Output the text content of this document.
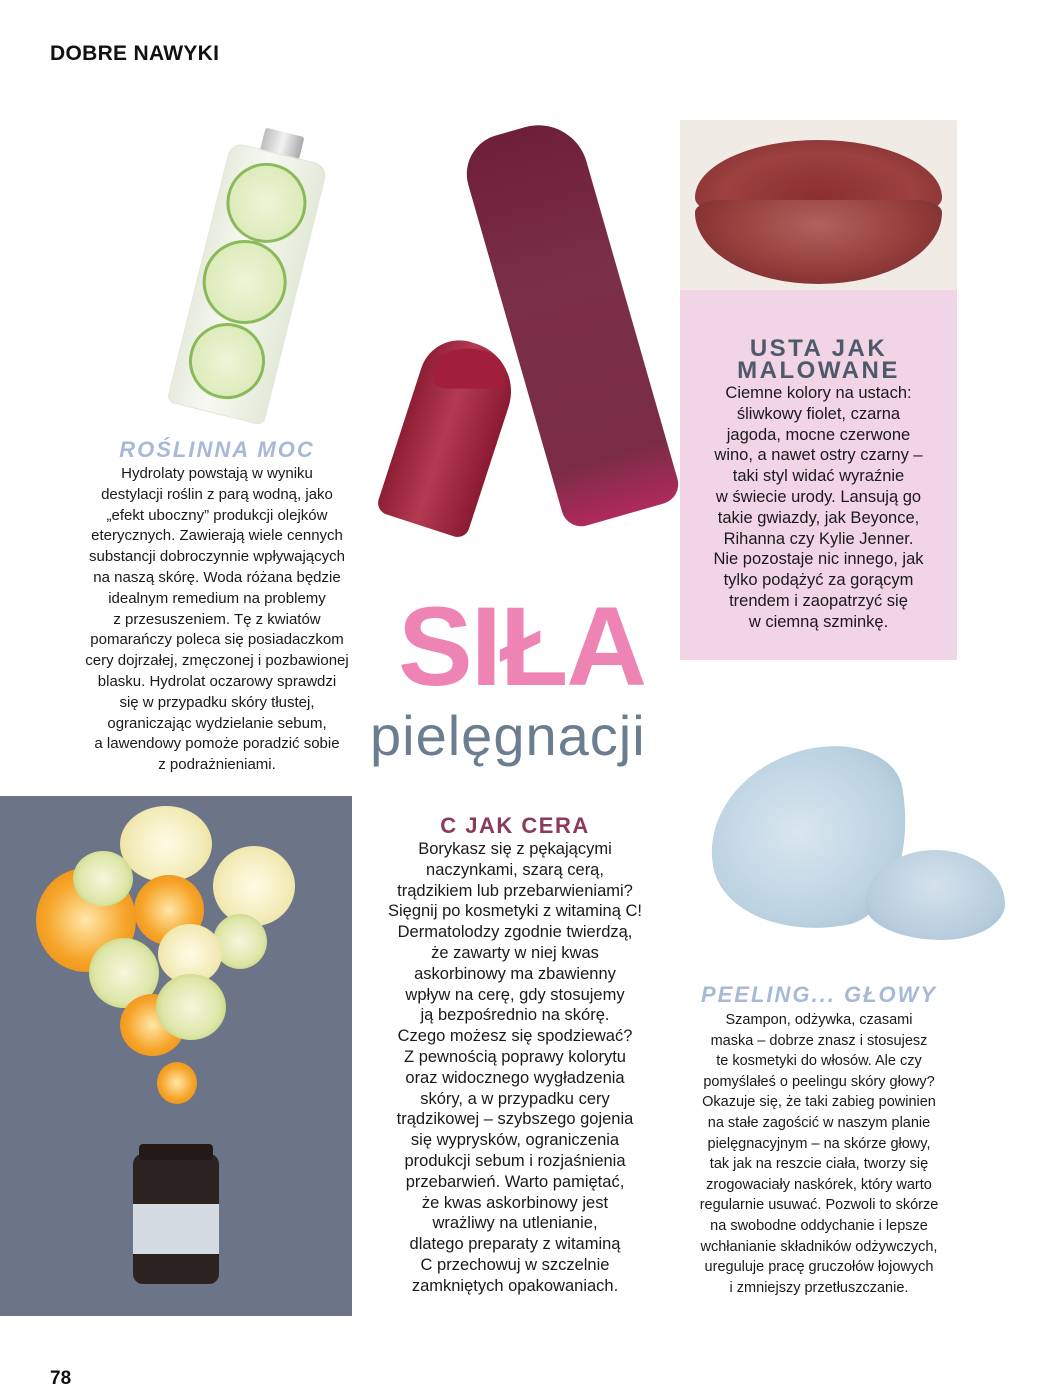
DOBRE NAWYKI
USTA JAK
MALOWANE
Ciemne kolory na ustach:
śliwkowy fiolet, czarna
jagoda, mocne czerwone
wino, a nawet ostry czarny –
taki styl widać wyraźnie
w świecie urody. Lansują go
takie gwiazdy, jak Beyonce,
Rihanna czy Kylie Jenner.
Nie pozostaje nic innego, jak
tylko podążyć za gorącym
trendem i zaopatrzyć się
w ciemną szminkę.
ROŚLINNA MOC
Hydrolaty powstają w wyniku
destylacji roślin z parą wodną, jako
„efekt uboczny” produkcji olejków
eterycznych. Zawierają wiele cennych
substancji dobroczynnie wpływających
na naszą skórę. Woda różana będzie
idealnym remedium na problemy
z przesuszeniem. Tę z kwiatów
pomarańczy poleca się posiadaczkom
cery dojrzałej, zmęczonej i pozbawionej
blasku. Hydrolat oczarowy sprawdzi
się w przypadku skóry tłustej,
ograniczając wydzielanie sebum,
a lawendowy pomoże poradzić sobie
z podrażnieniami.
SIŁA
pielęgnacji
C JAK CERA
Borykasz się z pękającymi
naczynkami, szarą cerą,
trądzikiem lub przebarwieniami?
Sięgnij po kosmetyki z witaminą C!
Dermatolodzy zgodnie twierdzą,
że zawarty w niej kwas
askorbinowy ma zbawienny
wpływ na cerę, gdy stosujemy
ją bezpośrednio na skórę.
Czego możesz się spodziewać?
Z pewnością poprawy kolorytu
oraz widocznego wygładzenia
skóry, a w przypadku cery
trądzikowej – szybszego gojenia
się wyprysków, ograniczenia
produkcji sebum i rozjaśnienia
przebarwień. Warto pamiętać,
że kwas askorbinowy jest
wrażliwy na utlenianie,
dlatego preparaty z witaminą
C przechowuj w szczelnie
zamkniętych opakowaniach.
PEELING... GŁOWY
Szampon, odżywka, czasami
maska – dobrze znasz i stosujesz
te kosmetyki do włosów. Ale czy
pomyślałeś o peelingu skóry głowy?
Okazuje się, że taki zabieg powinien
na stałe zagościć w naszym planie
pielęgnacyjnym – na skórze głowy,
tak jak na reszcie ciała, tworzy się
zrogowaciały naskórek, który warto
regularnie usuwać. Pozwoli to skórze
na swobodne oddychanie i lepsze
wchłanianie składników odżywczych,
ureguluje pracę gruczołów łojowych
i zmniejszy przetłuszczanie.
78
